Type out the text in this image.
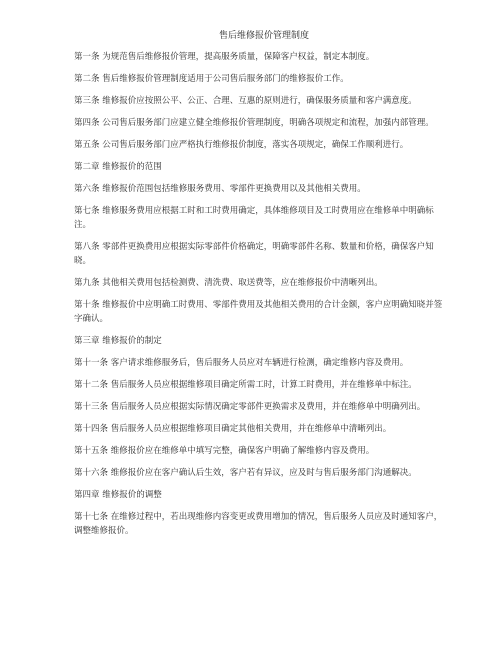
售后维修报价管理制度

第一条 为规范售后维修报价管理，提高服务质量，保障客户权益，制定本制度。

第二条 售后维修报价管理制度适用于公司售后服务部门的维修报价工作。

第三条 维修报价应按照公平、公正、合理、互惠的原则进行，确保服务质量和客户满意度。

第四条 公司售后服务部门应建立健全维修报价管理制度，明确各项规定和流程，加强内部管理。

第五条 公司售后服务部门应严格执行维修报价制度，落实各项规定，确保工作顺利进行。

第二章 维修报价的范围

第六条 维修报价范围包括维修服务费用、零部件更换费用以及其他相关费用。

第七条 维修服务费用应根据工时和工时费用确定，具体维修项目及工时费用应在维修单中明确标注。

第八条 零部件更换费用应根据实际零部件价格确定，明确零部件名称、数量和价格，确保客户知晓。

第九条 其他相关费用包括检测费、清洗费、取送费等，应在维修报价中清晰列出。

第十条 维修报价中应明确工时费用、零部件费用及其他相关费用的合计金额，客户应明确知晓并签字确认。

第三章 维修报价的制定

第十一条 客户请求维修服务后，售后服务人员应对车辆进行检测，确定维修内容及费用。

第十二条 售后服务人员应根据维修项目确定所需工时，计算工时费用，并在维修单中标注。

第十三条 售后服务人员应根据实际情况确定零部件更换需求及费用，并在维修单中明确列出。

第十四条 售后服务人员应根据维修项目确定其他相关费用，并在维修单中清晰列出。

第十五条 维修报价应在维修单中填写完整，确保客户明确了解维修内容及费用。

第十六条 维修报价应在客户确认后生效，客户若有异议，应及时与售后服务部门沟通解决。

第四章 维修报价的调整

第十七条 在维修过程中，若出现维修内容变更或费用增加的情况，售后服务人员应及时通知客户，调整维修报价。
